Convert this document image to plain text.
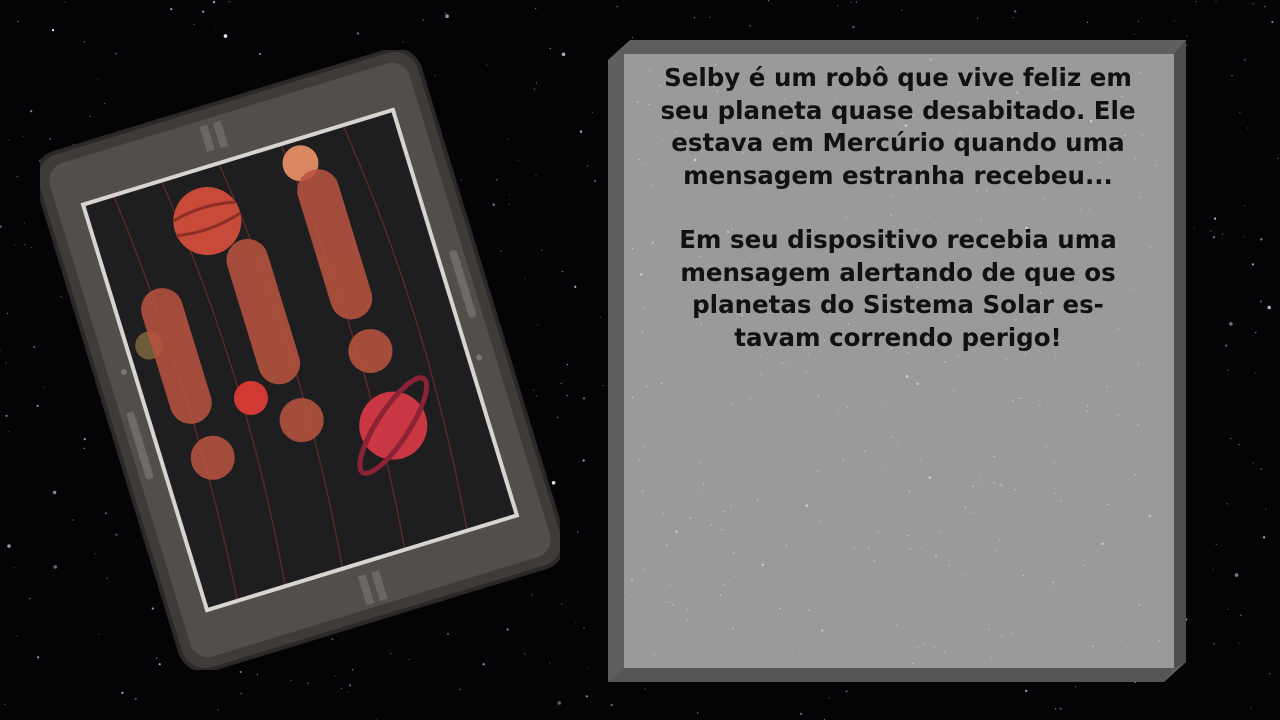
Selby é um robô que vive feliz em
seu planeta quase desabitado. Ele
estava em Mercúrio quando uma
mensagem estranha recebeu...

Em seu dispositivo recebia uma
mensagem alertando de que os
planetas do Sistema Solar es-
tavam correndo perigo!
